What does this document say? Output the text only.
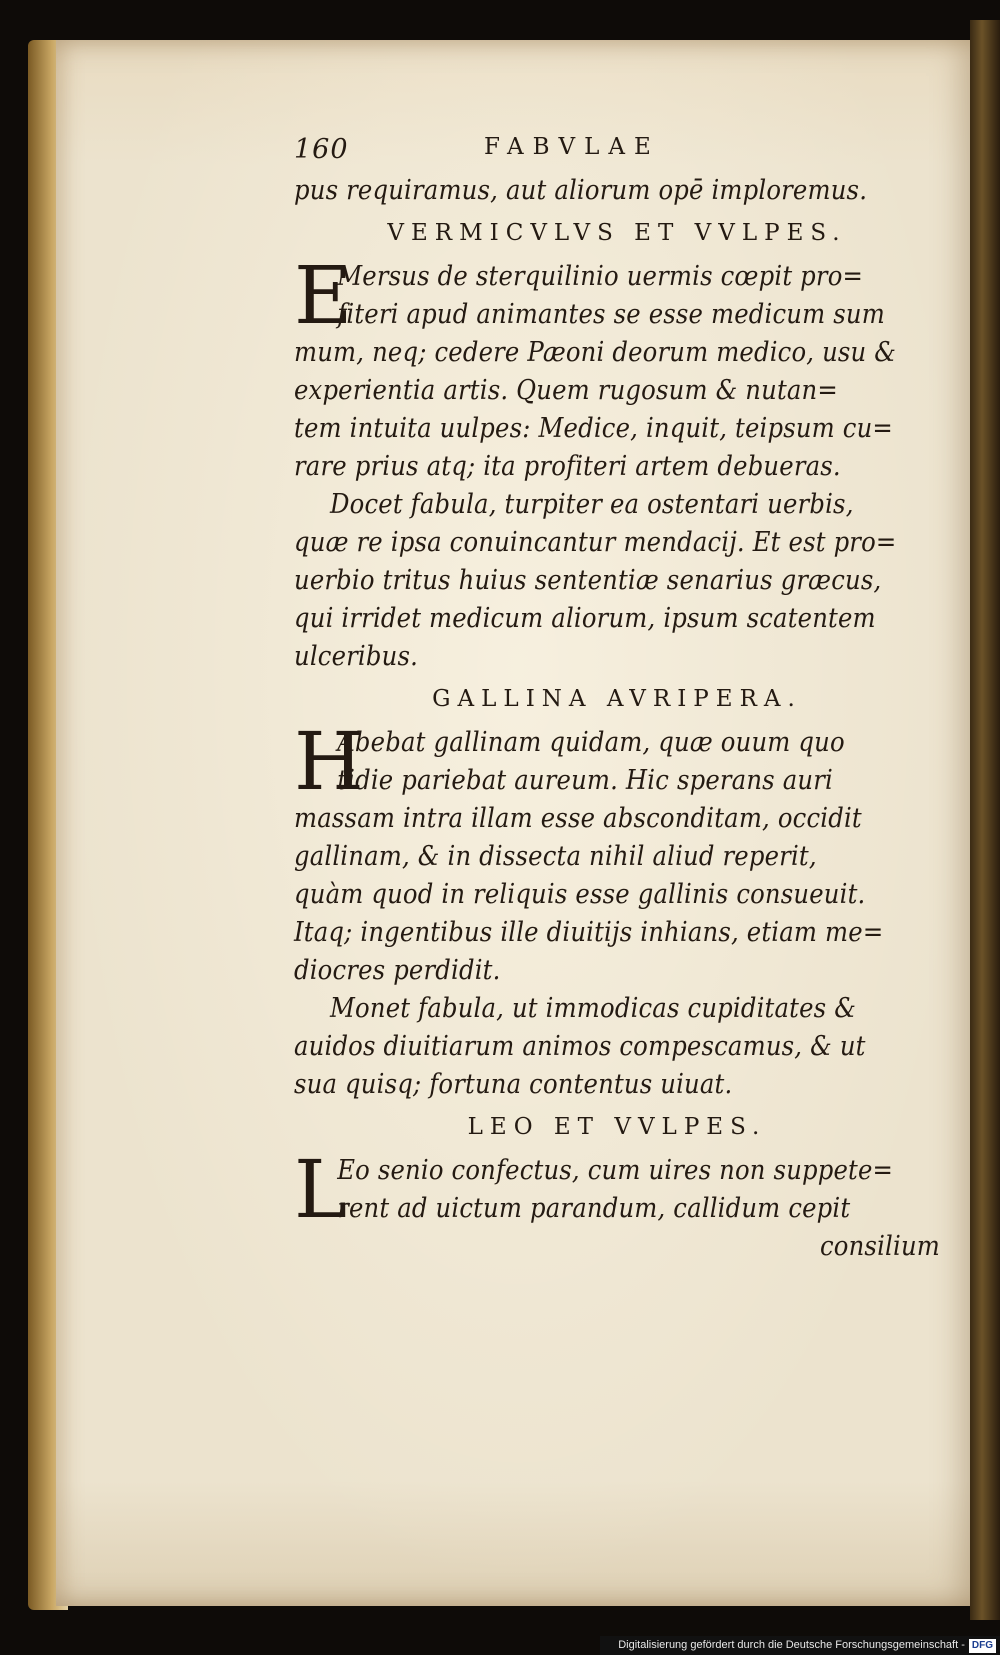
160	FABVLAE
pus requiramus, aut aliorum opē imploremus.
VERMICVLVS ET VVLPES.
E
Mersus de sterquilinio uermis cœpit pro=
fiteri apud animantes se esse medicum sum
mum, neq; cedere Pæoni deorum medico, usu &
experientia artis. Quem rugosum & nutan=
tem intuita uulpes: Medice, inquit, teipsum cu=
rare prius atq; ita profiteri artem debueras.
Docet fabula, turpiter ea ostentari uerbis,
quæ re ipsa conuincantur mendacij. Et est pro=
uerbio tritus huius sententiæ senarius græcus,
qui irridet medicum aliorum, ipsum scatentem
ulceribus.
GALLINA AVRIPERA.
H
Abebat gallinam quidam, quæ ouum quo
tidie pariebat aureum. Hic sperans auri
massam intra illam esse absconditam, occidit
gallinam, & in dissecta nihil aliud reperit,
quàm quod in reliquis esse gallinis consueuit.
Itaq; ingentibus ille diuitijs inhians, etiam me=
diocres perdidit.
Monet fabula, ut immodicas cupiditates &
auidos diuitiarum animos compescamus, & ut
sua quisq; fortuna contentus uiuat.
LEO ET VVLPES.
L
Eo senio confectus, cum uires non suppete=
rent ad uictum parandum, callidum cepit
consilium
Digitalisierung gefördert durch die Deutsche Forschungsgemeinschaft - DFG
